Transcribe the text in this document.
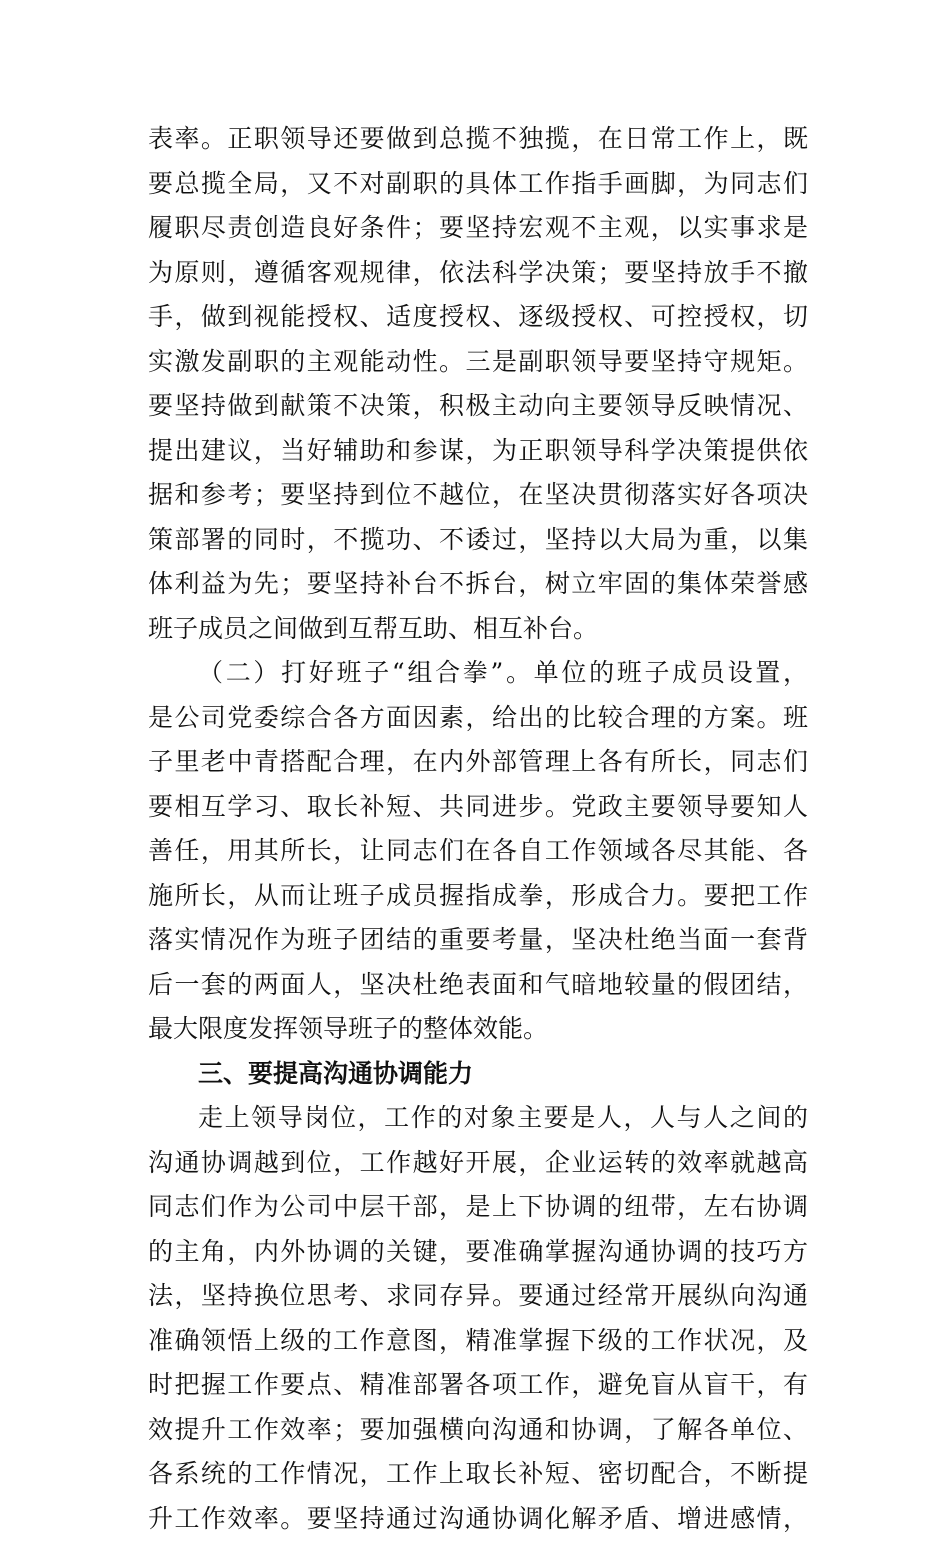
表率。正职领导还要做到总揽不独揽，在日常工作上，既
要总揽全局，又不对副职的具体工作指手画脚，为同志们
履职尽责创造良好条件；要坚持宏观不主观，以实事求是
为原则，遵循客观规律，依法科学决策；要坚持放手不撤
手，做到视能授权、适度授权、逐级授权、可控授权，切
实激发副职的主观能动性。三是副职领导要坚持守规矩。
要坚持做到献策不决策，积极主动向主要领导反映情况、
提出建议，当好辅助和参谋，为正职领导科学决策提供依
据和参考；要坚持到位不越位，在坚决贯彻落实好各项决
策部署的同时，不揽功、不诿过，坚持以大局为重，以集
体利益为先；要坚持补台不拆台，树立牢固的集体荣誉感
班子成员之间做到互帮互助、相互补台。
（二）打好班子“组合拳”。单位的班子成员设置，
是公司党委综合各方面因素，给出的比较合理的方案。班
子里老中青搭配合理，在内外部管理上各有所长，同志们
要相互学习、取长补短、共同进步。党政主要领导要知人
善任，用其所长，让同志们在各自工作领域各尽其能、各
施所长，从而让班子成员握指成拳，形成合力。要把工作
落实情况作为班子团结的重要考量，坚决杜绝当面一套背
后一套的两面人，坚决杜绝表面和气暗地较量的假团结，
最大限度发挥领导班子的整体效能。
三、要提高沟通协调能力
走上领导岗位，工作的对象主要是人，人与人之间的
沟通协调越到位，工作越好开展，企业运转的效率就越高
同志们作为公司中层干部，是上下协调的纽带，左右协调
的主角，内外协调的关键，要准确掌握沟通协调的技巧方
法，坚持换位思考、求同存异。要通过经常开展纵向沟通
准确领悟上级的工作意图，精准掌握下级的工作状况，及
时把握工作要点、精准部署各项工作，避免盲从盲干，有
效提升工作效率；要加强横向沟通和协调，了解各单位、
各系统的工作情况，工作上取长补短、密切配合，不断提
升工作效率。要坚持通过沟通协调化解矛盾、增进感情，
